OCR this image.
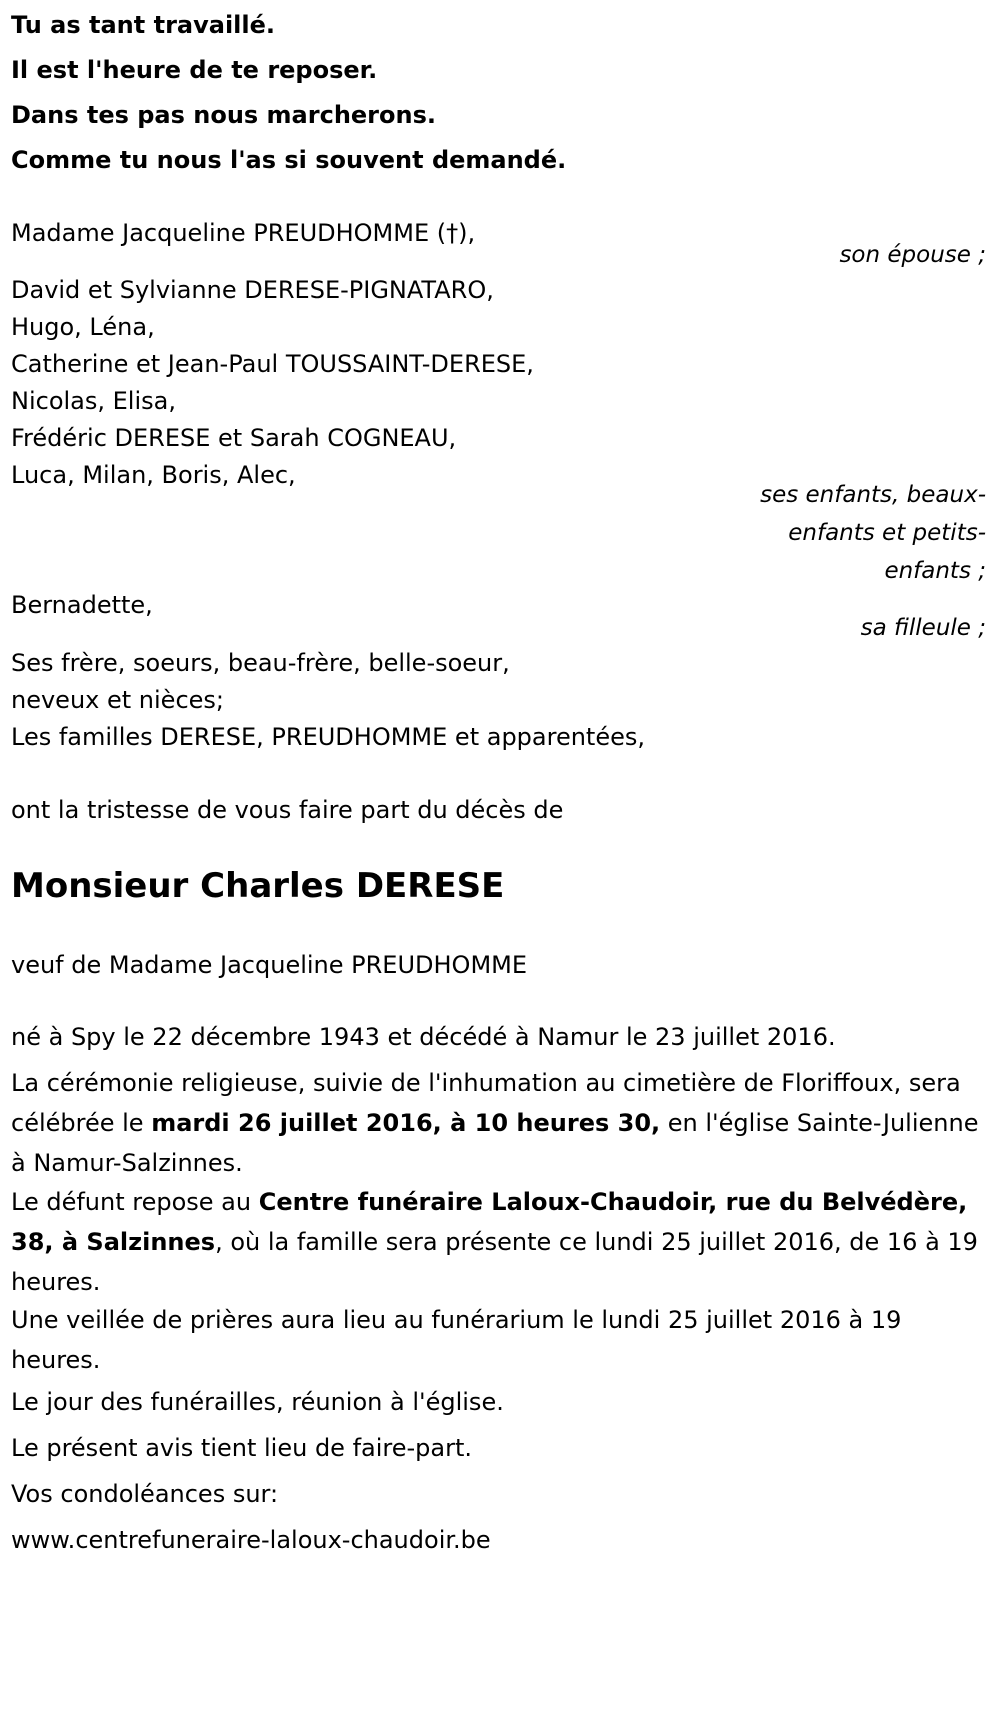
Tu as tant travaillé.
Il est l'heure de te reposer.
Dans tes pas nous marcherons.
Comme tu nous l'as si souvent demandé.
Madame Jacqueline PREUDHOMME (†),
son épouse ;
David et Sylvianne DERESE-PIGNATARO,
Hugo, Léna,
Catherine et Jean-Paul TOUSSAINT-DERESE,
Nicolas, Elisa,
Frédéric DERESE et Sarah COGNEAU,
Luca, Milan, Boris, Alec,
ses enfants, beaux-
enfants et petits-
enfants ;
Bernadette,
sa filleule ;
Ses frère, soeurs, beau-frère, belle-soeur,
neveux et nièces;
Les familles DERESE, PREUDHOMME et apparentées,
ont la tristesse de vous faire part du décès de
Monsieur Charles DERESE
veuf de Madame Jacqueline PREUDHOMME
né à Spy le 22 décembre 1943 et décédé à Namur le 23 juillet 2016.
La cérémonie religieuse, suivie de l'inhumation au cimetière de Floriffoux, sera célébrée le mardi 26 juillet 2016, à 10 heures 30, en l'église Sainte-Julienne à Namur-Salzinnes.
Le défunt repose au Centre funéraire Laloux-Chaudoir, rue du Belvédère, 38, à Salzinnes, où la famille sera présente ce lundi 25 juillet 2016, de 16 à 19 heures.
Une veillée de prières aura lieu au funérarium le lundi 25 juillet 2016 à 19 heures.
Le jour des funérailles, réunion à l'église.
Le présent avis tient lieu de faire-part.
Vos condoléances sur:
www.centrefuneraire-laloux-chaudoir.be
